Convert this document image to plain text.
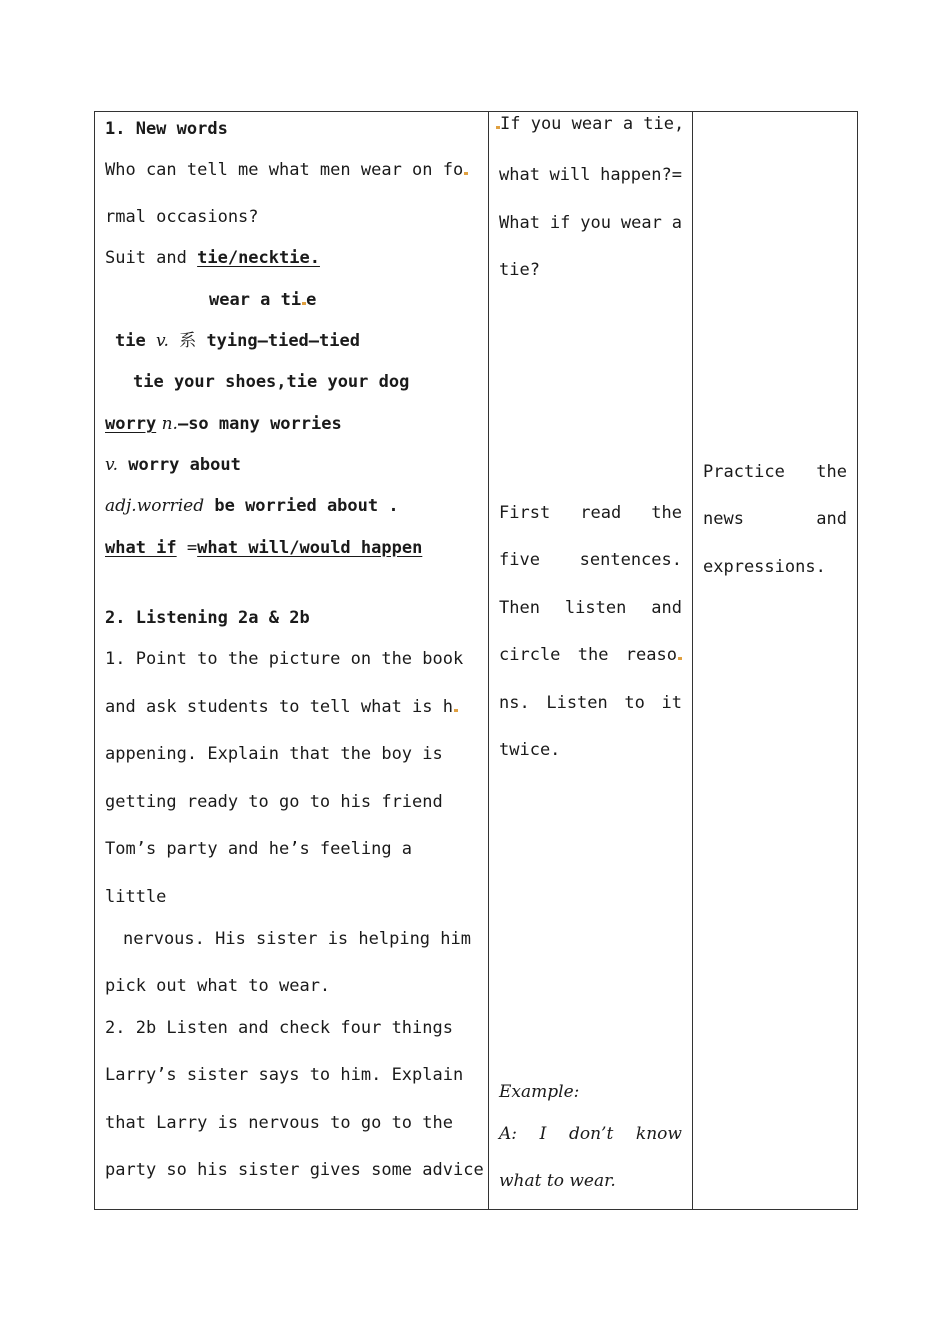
1. New words
Who can tell me what men wear on fo
rmal occasions?
Suit and tie/necktie.
wear a ti e
tie v. 系 tying—tied—tied
tie your shoes,tie your dog
worry n.—so many worries
v. worry about
adj.worried be worried about .
what if =what will/would happen
2. Listening 2a & 2b
1. Point to the picture on the book
and ask students to tell what is h
appening. Explain that the boy is
getting ready to go to his friend
Tom’s party and he’s feeling a
little
nervous. His sister is helping him
pick out what to wear.
2. 2b Listen and check four things
Larry’s sister says to him. Explain
that Larry is nervous to go to the
party so his sister gives some advice

If you wear a tie,
what will happen?=
What if you wear a
tie?
First read the
five sentences.
Then listen and
circle the reaso
ns. Listen to it
twice.
Example:
A: I don’t know
what to wear.

Practice the
news	and
expressions.
